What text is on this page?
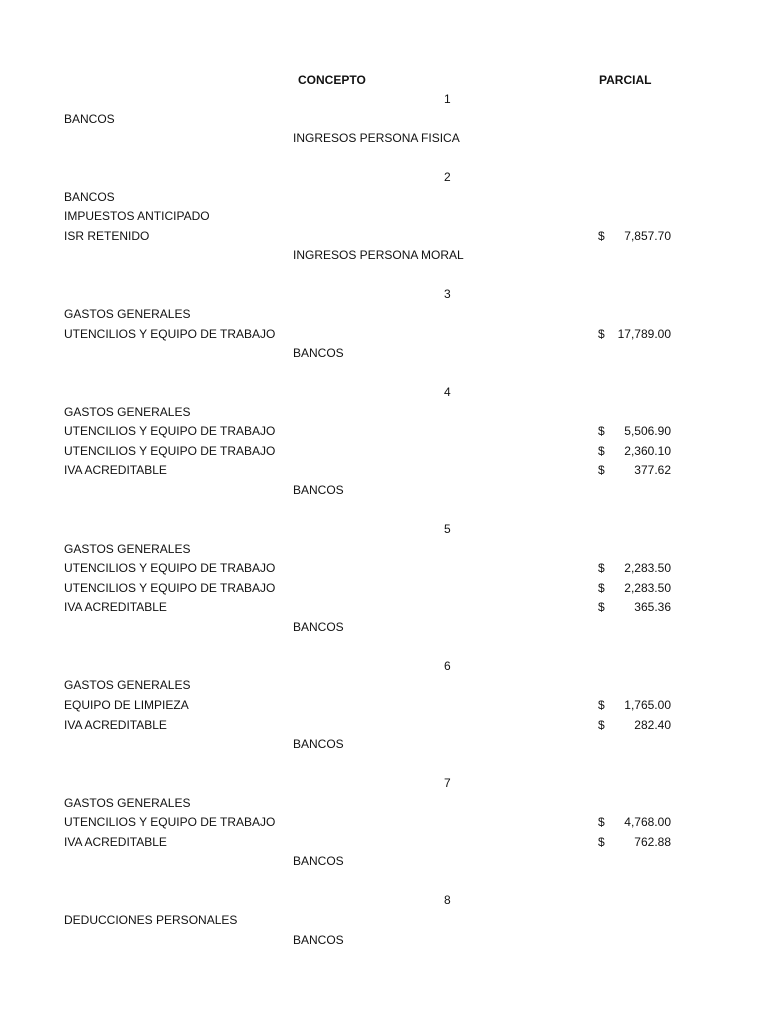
CONCEPTO	PARCIAL
1
BANCOS
INGRESOS PERSONA FISICA
2
BANCOS
IMPUESTOS ANTICIPADO
ISR RETENIDO	$ 7,857.70
INGRESOS PERSONA MORAL
3
GASTOS GENERALES
UTENCILIOS Y EQUIPO DE TRABAJO	$ 17,789.00
BANCOS
4
GASTOS GENERALES
UTENCILIOS Y EQUIPO DE TRABAJO	$ 5,506.90
UTENCILIOS Y EQUIPO DE TRABAJO	$ 2,360.10
IVA ACREDITABLE	$ 377.62
BANCOS
5
GASTOS GENERALES
UTENCILIOS Y EQUIPO DE TRABAJO	$ 2,283.50
UTENCILIOS Y EQUIPO DE TRABAJO	$ 2,283.50
IVA ACREDITABLE	$ 365.36
BANCOS
6
GASTOS GENERALES
EQUIPO DE LIMPIEZA	$ 1,765.00
IVA ACREDITABLE	$ 282.40
BANCOS
7
GASTOS GENERALES
UTENCILIOS Y EQUIPO DE TRABAJO	$ 4,768.00
IVA ACREDITABLE	$ 762.88
BANCOS
8
DEDUCCIONES PERSONALES
BANCOS
